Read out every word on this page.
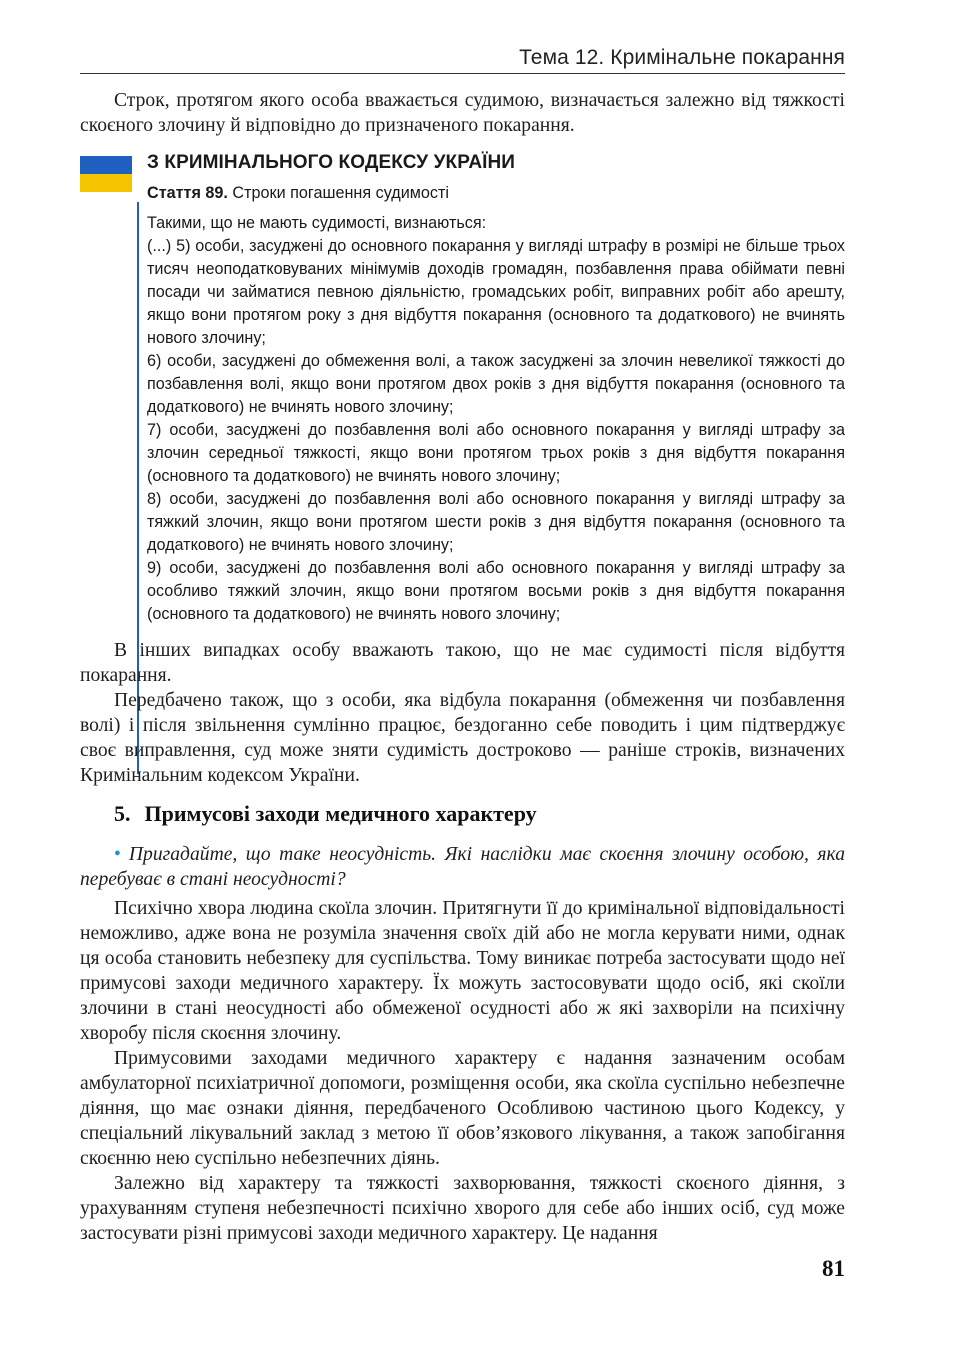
Тема 12. Кримінальне покарання

Строк, протягом якого особа вважається судимою, визначається залежно від тяжкості скоєного злочину й відповідно до призначеного покарання.

З КРИМІНАЛЬНОГО КОДЕКСУ УКРАЇНИ
Стаття 89. Строки погашення судимості
Такими, що не мають судимості, визнаються:
(...) 5) особи, засуджені до основного покарання у вигляді штрафу в розмірі не більше трьох тисяч неоподатковуваних мінімумів доходів громадян, позбавлення права обіймати певні посади чи займатися певною діяльністю, громадських робіт, виправних робіт або арешту, якщо вони протягом року з дня відбуття покарання (основного та додаткового) не вчинять нового злочину;
6) особи, засуджені до обмеження волі, а також засуджені за злочин невеликої тяжкості до позбавлення волі, якщо вони протягом двох років з дня відбуття покарання (основного та додаткового) не вчинять нового злочину;
7) особи, засуджені до позбавлення волі або основного покарання у вигляді штрафу за злочин середньої тяжкості, якщо вони протягом трьох років з дня відбуття покарання (основного та додаткового) не вчинять нового злочину;
8) особи, засуджені до позбавлення волі або основного покарання у вигляді штрафу за тяжкий злочин, якщо вони протягом шести років з дня відбуття покарання (основного та додаткового) не вчинять нового злочину;
9) особи, засуджені до позбавлення волі або основного покарання у вигляді штрафу за особливо тяжкий злочин, якщо вони протягом восьми років з дня відбуття покарання (основного та додаткового) не вчинять нового злочину;

В інших випадках особу вважають такою, що не має судимості після відбуття покарання.

Передбачено також, що з особи, яка відбула покарання (обмеження чи позбавлення волі) і після звільнення сумлінно працює, бездоганно себе поводить і цим підтверджує своє виправлення, суд може зняти судимість достроково — раніше строків, визначених Кримінальним кодексом України.

5. Примусові заходи медичного характеру
• Пригадайте, що таке неосудність. Які наслідки має скоєння злочину особою, яка перебуває в стані неосудності?

Психічно хвора людина скоїла злочин. Притягнути її до кримінальної відповідальності неможливо, адже вона не розуміла значення своїх дій або не могла керувати ними, однак ця особа становить небезпеку для суспільства. Тому виникає потреба застосувати щодо неї примусові заходи медичного характеру. Їх можуть застосовувати щодо осіб, які скоїли злочини в стані неосудності або обмеженої осудності або ж які захворіли на психічну хворобу після скоєння злочину.

Примусовими заходами медичного характеру є надання зазначеним особам амбулаторної психіатричної допомоги, розміщення особи, яка скоїла суспільно небезпечне діяння, що має ознаки діяння, передбаченого Особливою частиною цього Кодексу, у спеціальний лікувальний заклад з метою її обов’язкового лікування, а також запобігання скоєнню нею суспільно небезпечних діянь.

Залежно від характеру та тяжкості захворювання, тяжкості скоєного діяння, з урахуванням ступеня небезпечності психічно хворого для себе або інших осіб, суд може застосувати різні примусові заходи медичного характеру. Це надання

81
